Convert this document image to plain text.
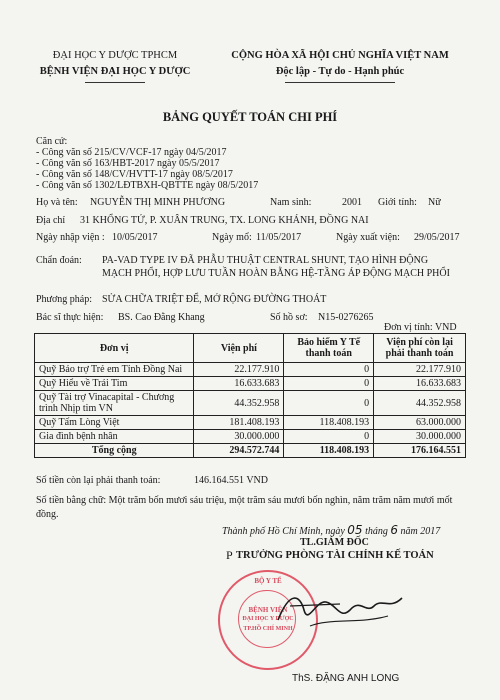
ĐẠI HỌC Y DƯỢC TPHCM
BỆNH VIỆN ĐẠI HỌC Y DƯỢC
CỘNG HÒA XÃ HỘI CHỦ NGHĨA VIỆT NAM
Độc lập - Tự do - Hạnh phúc
BẢNG QUYẾT TOÁN CHI PHÍ
Căn cứ:
- Công văn số 215/CV/VCF-17 ngày 04/5/2017
- Công văn số 163/HBT-2017 ngày 05/5/2017
- Công văn số 148/CV/HVTT-17 ngày 08/5/2017
- Công văn số 1302/LĐTBXH-QBTTE ngày 08/5/2017
Họ và tên: NGUYỄN THỊ MINH PHƯƠNG	Nam sinh:	2001 Giới tính: Nữ
Địa chỉ 31 KHỔNG TỬ, P. XUÂN TRUNG, TX. LONG KHÁNH, ĐỒNG NAI
Ngày nhập viện : 10/05/2017	Ngày mổ: 11/05/2017	Ngày xuất viện: 29/05/2017
Chẩn đoán: PA-VAD TYPE IV ĐÃ PHẪU THUẬT CENTRAL SHUNT, TẠO HÌNH ĐỘNG MẠCH PHỔI, HỢP LƯU TUẦN HOÀN BẰNG HỆ-TẦNG ÁP ĐỘNG MẠCH PHỔI
Phương pháp: SỬA CHỮA TRIỆT ĐỂ, MỞ RỘNG ĐƯỜNG THOÁT
Bác sĩ thực hiện: BS. Cao Đằng Khang	Số hồ sơ: N15-0276265
Đơn vị tính: VND
Đơn vị	Viện phí	Bảo hiểm Y Tế thanh toán	Viện phí còn lại phải thanh toán
Quỹ Bảo trợ Trẻ em Tỉnh Đồng Nai	22.177.910	0	22.177.910
Quỹ Hiểu về Trái Tim	16.633.683	0	16.633.683
Quỹ Tài trợ Vinacapital - Chương trình Nhịp tim VN	44.352.958	0	44.352.958
Quỹ Tấm Lòng Việt	181.408.193	118.408.193	63.000.000
Gia đình bệnh nhân	30.000.000	0	30.000.000
Tổng cộng	294.572.744	118.408.193	176.164.551
Số tiền còn lại phải thanh toán:	146.164.551 VND
Số tiền bằng chữ: Một trăm bốn mươi sáu triệu, một trăm sáu mươi bốn nghìn, năm trăm năm mươi mốt đồng.
Thành phố Hồ Chí Minh, ngày 05 tháng 6 năm 2017
TL.GIÁM ĐỐC
TRƯỞNG PHÒNG TÀI CHÍNH KẾ TOÁN
P
BỘ Y TẾ
BỆNH VIỆN
ĐẠI HỌC Y DƯỢC
TP.HỒ CHÍ MINH
ThS. ĐẶNG ANH LONG
